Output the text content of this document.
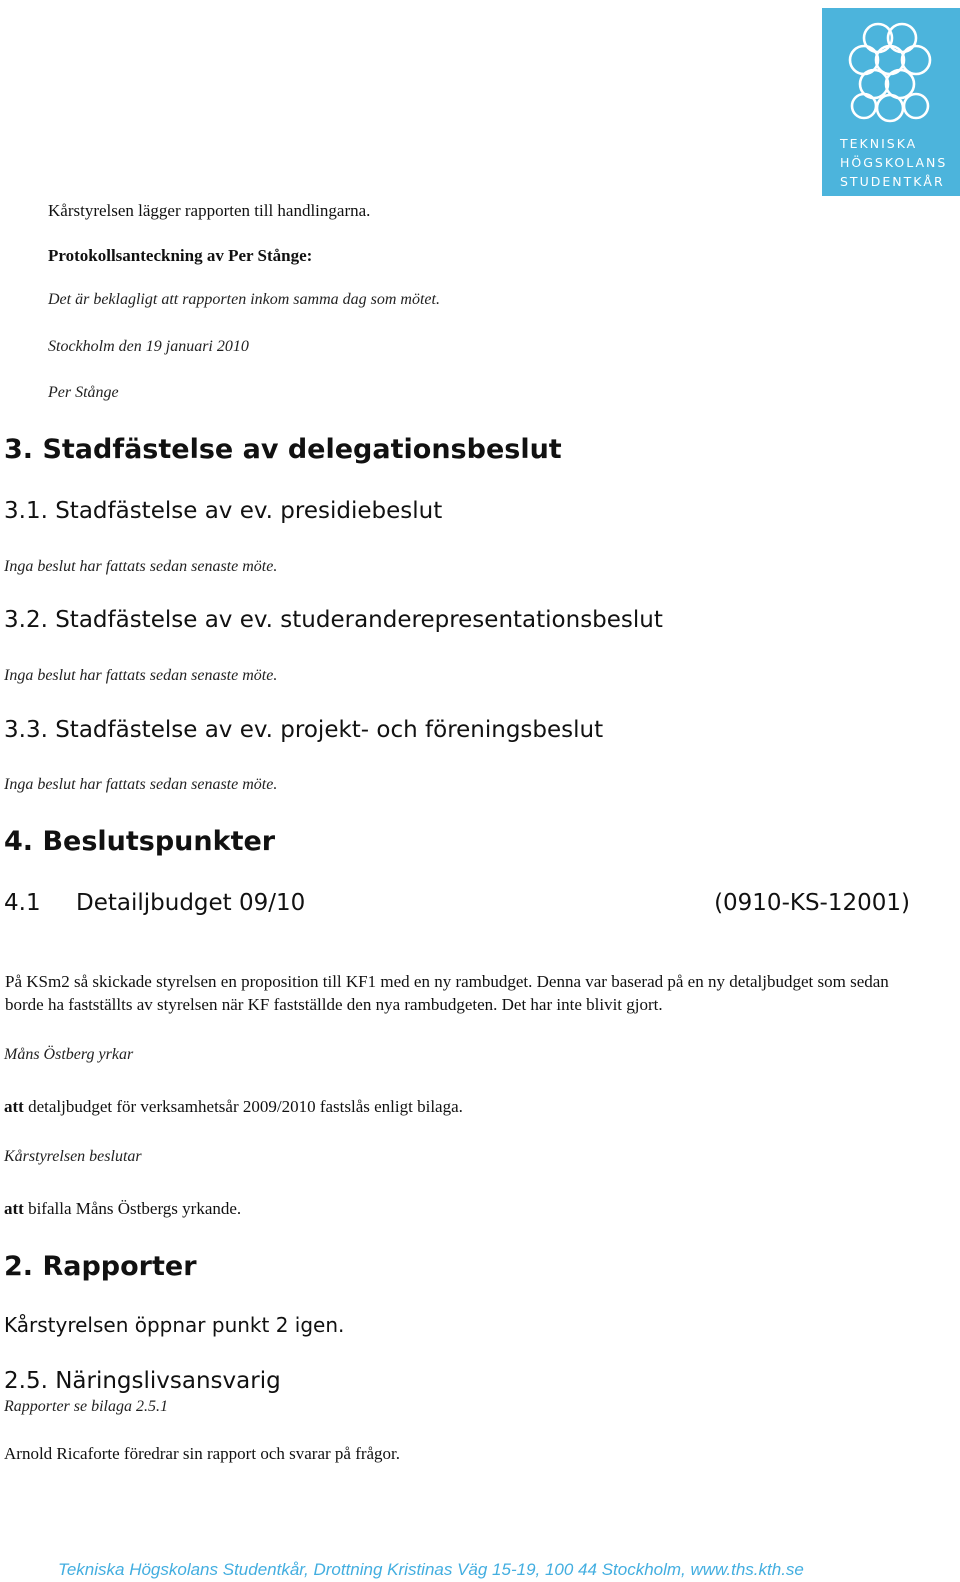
TEKNISKA
HÖGSKOLANS
STUDENTKÅR

Kårstyrelsen lägger rapporten till handlingarna.

Protokollsanteckning av Per Stånge:

Det är beklagligt att rapporten inkom samma dag som mötet.

Stockholm den 19 januari 2010

Per Stånge

3. Stadfästelse av delegationsbeslut
3.1. Stadfästelse av ev. presidiebeslut

Inga beslut har fattats sedan senaste möte.

3.2. Stadfästelse av ev. studeranderepresentationsbeslut

Inga beslut har fattats sedan senaste möte.

3.3. Stadfästelse av ev. projekt- och föreningsbeslut

Inga beslut har fattats sedan senaste möte.

4. Beslutspunkter
4.1 Detailjbudget 09/10	(0910-KS-12001)

På KSm2 så skickade styrelsen en proposition till KF1 med en ny rambudget. Denna var baserad på en ny detaljbudget som sedan borde ha fastställts av styrelsen när KF fastställde den nya rambudgeten. Det har inte blivit gjort.

Måns Östberg yrkar

att detaljbudget för verksamhetsår 2009/2010 fastslås enligt bilaga.

Kårstyrelsen beslutar

att bifalla Måns Östbergs yrkande.

2. Rapporter

Kårstyrelsen öppnar punkt 2 igen.

2.5. Näringslivsansvarig

Rapporter se bilaga 2.5.1

Arnold Ricaforte föredrar sin rapport och svarar på frågor.

Tekniska Högskolans Studentkår, Drottning Kristinas Väg 15-19, 100 44 Stockholm, www.ths.kth.se
